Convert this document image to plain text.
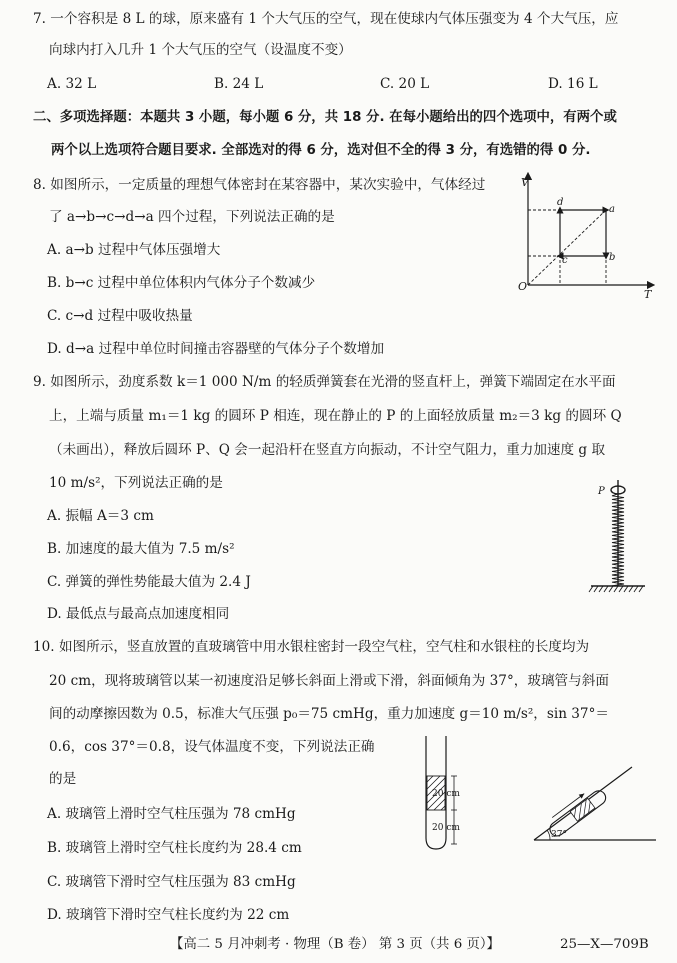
7. 一个容积是 8 L 的球，原来盛有 1 个大气压的空气，现在使球内气体压强变为 4 个大气压，应
向球内打入几升 1 个大气压的空气（设温度不变）
A. 32 L	B. 24 L	C. 20 L	D. 16 L
二、多项选择题：本题共 3 小题，每小题 6 分，共 18 分. 在每小题给出的四个选项中，有两个或
两个以上选项符合题目要求. 全部选对的得 6 分，选对但不全的得 3 分，有选错的得 0 分.
8. 如图所示，一定质量的理想气体密封在某容器中，某次实验中，气体经过
了 a→b→c→d→a 四个过程，下列说法正确的是
A. a→b 过程中气体压强增大
B. b→c 过程中单位体积内气体分子个数减少
C. c→d 过程中吸收热量
D. d→a 过程中单位时间撞击容器壁的气体分子个数增加
V
T
O
a
b
c
d
9. 如图所示，劲度系数 k＝1 000 N/m 的轻质弹簧套在光滑的竖直杆上，弹簧下端固定在水平面
上，上端与质量 m₁＝1 kg 的圆环 P 相连，现在静止的 P 的上面轻放质量 m₂＝3 kg 的圆环 Q
（未画出），释放后圆环 P、Q 会一起沿杆在竖直方向振动，不计空气阻力，重力加速度 g 取
10 m/s²，下列说法正确的是
A. 振幅 A＝3 cm
B. 加速度的最大值为 7.5 m/s²
C. 弹簧的弹性势能最大值为 2.4 J
D. 最低点与最高点加速度相同
P
10. 如图所示，竖直放置的直玻璃管中用水银柱密封一段空气柱，空气柱和水银柱的长度均为
20 cm，现将玻璃管以某一初速度沿足够长斜面上滑或下滑，斜面倾角为 37°，玻璃管与斜面
间的动摩擦因数为 0.5，标准大气压强 p₀＝75 cmHg，重力加速度 g＝10 m/s²，sin 37°＝
0.6，cos 37°＝0.8，设气体温度不变，下列说法正确
的是
A. 玻璃管上滑时空气柱压强为 78 cmHg
B. 玻璃管上滑时空气柱长度约为 28.4 cm
C. 玻璃管下滑时空气柱压强为 83 cmHg
D. 玻璃管下滑时空气柱长度约为 22 cm
20 cm
20 cm
37°
【高二 5 月冲刺考 · 物理（B 卷） 第 3 页（共 6 页）】	25—X—709B
